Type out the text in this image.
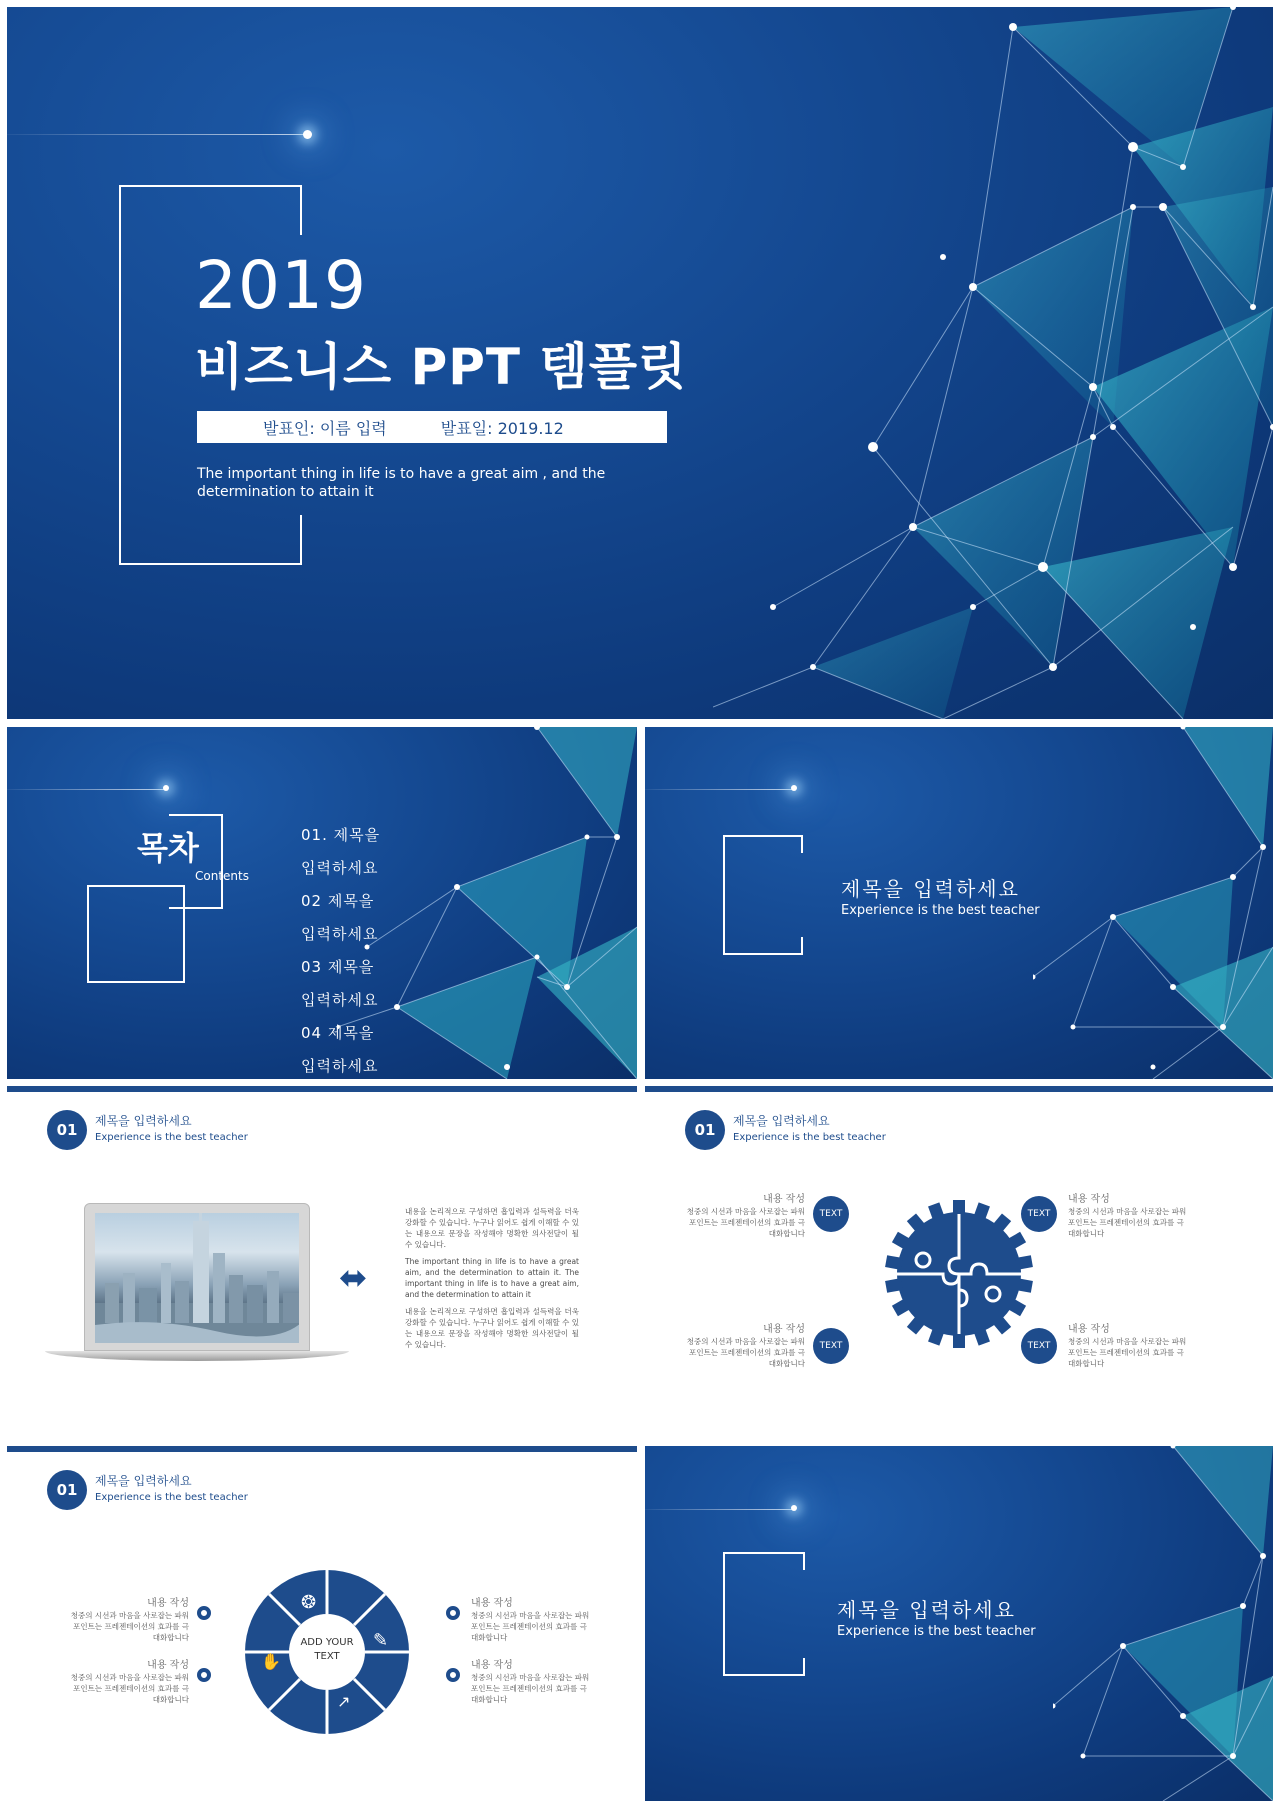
2019
비즈니스 PPT 템플릿
발표인: 이름 입력	발표일: 2019.12
The important thing in life is to have a great aim , and the determination to attain it
목차
Contents
01. 제목을
입력하세요
02 제목을
입력하세요
03 제목을
입력하세요
04 제목을
입력하세요
제목을 입력하세요
Experience is the best teacher
01	제목을 입력하세요
Experience is the best teacher
⬌

내용을 논리적으로 구성하면 흡입력과 설득력을 더욱 강화할 수 있습니다. 누구나 읽어도 쉽게 이해할 수 있는 내용으로 문장을 작성해야 명확한 의사전달이 될 수 있습니다.

The important thing in life is to have a great aim, and the determination to attain it. The important thing in life is to have a great aim, and the determination to attain it

내용을 논리적으로 구성하면 흡입력과 설득력을 더욱 강화할 수 있습니다. 누구나 읽어도 쉽게 이해할 수 있는 내용으로 문장을 작성해야 명확한 의사전달이 될 수 있습니다.

01	제목을 입력하세요
Experience is the best teacher
TEXT
내용 작성
청중의 시선과 마음을 사로잡는 파워포인트는 프레젠테이션의 효과를 극대화합니다
TEXT
내용 작성
청중의 시선과 마음을 사로잡는 파워포인트는 프레젠테이션의 효과를 극대화합니다
TEXT
내용 작성
청중의 시선과 마음을 사로잡는 파워포인트는 프레젠테이션의 효과를 극대화합니다
TEXT
내용 작성
청중의 시선과 마음을 사로잡는 파워포인트는 프레젠테이션의 효과를 극대화합니다
01	제목을 입력하세요
Experience is the best teacher
ADD YOUR
TEXT
❂
✎
↗
✋
내용 작성
청중의 시선과 마음을 사로잡는 파워포인트는 프레젠테이션의 효과를 극대화합니다
내용 작성
청중의 시선과 마음을 사로잡는 파워포인트는 프레젠테이션의 효과를 극대화합니다
내용 작성
청중의 시선과 마음을 사로잡는 파워포인트는 프레젠테이션의 효과를 극대화합니다
내용 작성
청중의 시선과 마음을 사로잡는 파워포인트는 프레젠테이션의 효과를 극대화합니다
제목을 입력하세요
Experience is the best teacher
